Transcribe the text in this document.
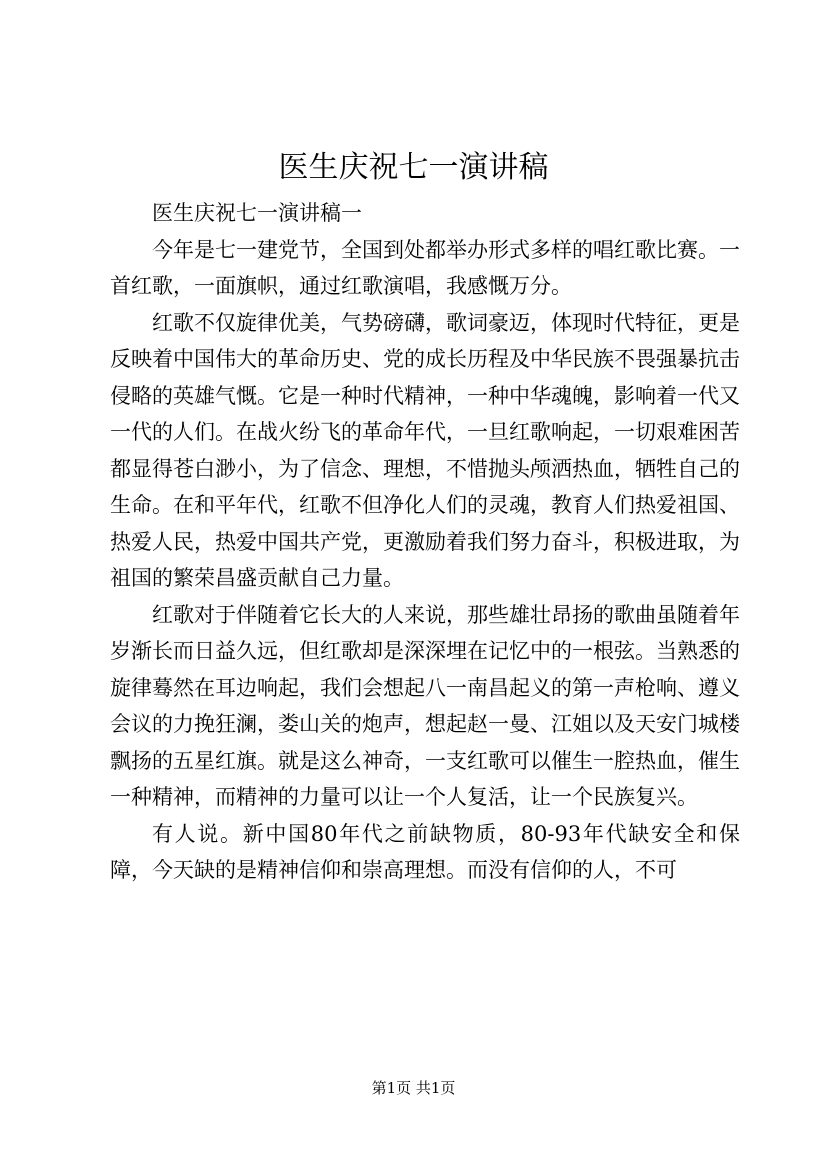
医生庆祝七一演讲稿

医生庆祝七一演讲稿一

今年是七一建党节，全国到处都举办形式多样的唱红歌比赛。一首红歌，一面旗帜，通过红歌演唱，我感慨万分。

红歌不仅旋律优美，气势磅礴，歌词豪迈，体现时代特征，更是反映着中国伟大的革命历史、党的成长历程及中华民族不畏强暴抗击侵略的英雄气慨。它是一种时代精神，一种中华魂魄，影响着一代又一代的人们。在战火纷飞的革命年代，一旦红歌响起，一切艰难困苦都显得苍白渺小，为了信念、理想，不惜抛头颅洒热血，牺牲自己的生命。在和平年代，红歌不但净化人们的灵魂，教育人们热爱祖国、热爱人民，热爱中国共产党，更激励着我们努力奋斗，积极进取，为祖国的繁荣昌盛贡献自己力量。

红歌对于伴随着它长大的人来说，那些雄壮昂扬的歌曲虽随着年岁渐长而日益久远，但红歌却是深深埋在记忆中的一根弦。当熟悉的旋律蓦然在耳边响起，我们会想起八一南昌起义的第一声枪响、遵义会议的力挽狂澜，娄山关的炮声，想起赵一曼、江姐以及天安门城楼飘扬的五星红旗。就是这么神奇，一支红歌可以催生一腔热血，催生一种精神，而精神的力量可以让一个人复活，让一个民族复兴。

有人说。新中国80年代之前缺物质，80-93年代缺安全和保障，今天缺的是精神信仰和崇高理想。而没有信仰的人，不可

第1页 共1页
